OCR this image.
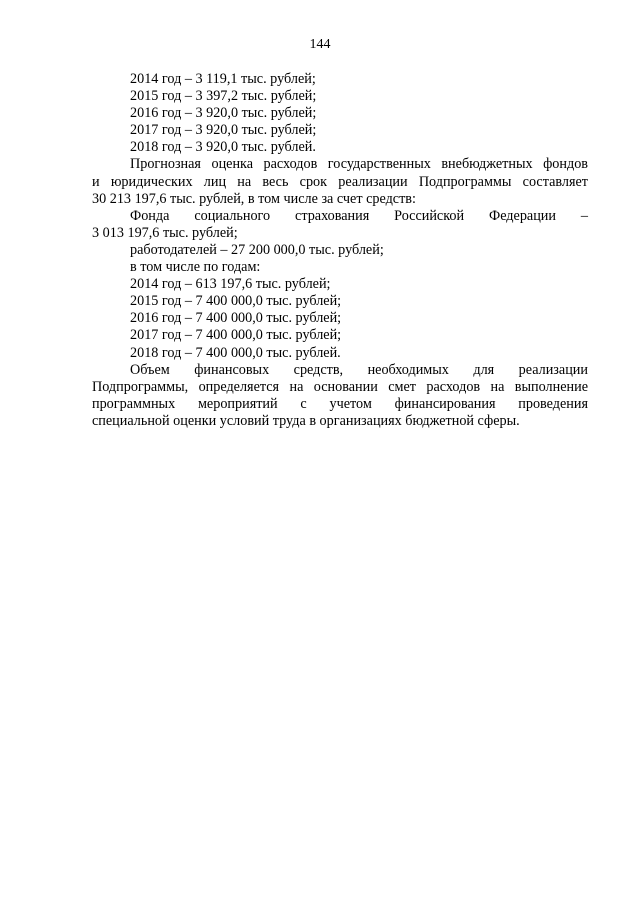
144
2014 год – 3 119,1 тыс. рублей;
2015 год – 3 397,2 тыс. рублей;
2016 год – 3 920,0 тыс. рублей;
2017 год – 3 920,0 тыс. рублей;
2018 год – 3 920,0 тыс. рублей.
Прогнозная оценка расходов государственных внебюджетных фондов
и юридических лиц на весь срок реализации Подпрограммы составляет
30 213 197,6 тыс. рублей, в том числе за счет средств:
Фонда социального страхования Российской Федерации –
3 013 197,6 тыс. рублей;
работодателей – 27 200 000,0 тыс. рублей;
в том числе по годам:
2014 год – 613 197,6 тыс. рублей;
2015 год – 7 400 000,0 тыс. рублей;
2016 год – 7 400 000,0 тыс. рублей;
2017 год – 7 400 000,0 тыс. рублей;
2018 год – 7 400 000,0 тыс. рублей.
Объем финансовых средств, необходимых для реализации
Подпрограммы, определяется на основании смет расходов на выполнение
программных мероприятий с учетом финансирования проведения
специальной оценки условий труда в организациях бюджетной сферы.
